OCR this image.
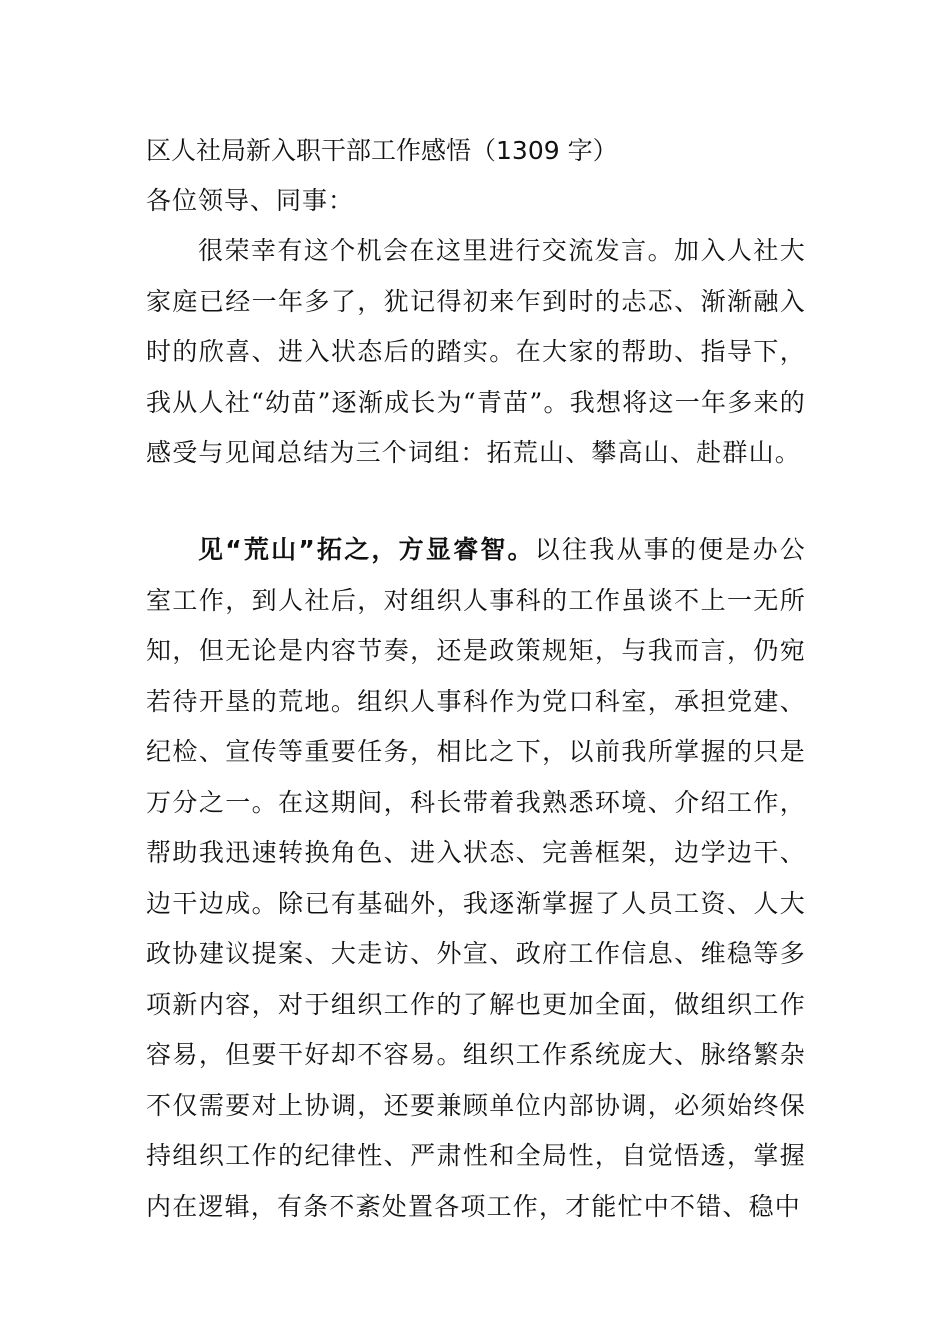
区人社局新入职干部工作感悟（1309 字）
各位领导、同事：

很荣幸有这个机会在这里进行交流发言。加入人社大家庭已经一年多了，犹记得初来乍到时的忐忑、渐渐融入时的欣喜、进入状态后的踏实。在大家的帮助、指导下，我从人社“幼苗”逐渐成长为“青苗”。我想将这一年多来的感受与见闻总结为三个词组：拓荒山、攀高山、赴群山。

见“荒山”拓之，方显睿智。以往我从事的便是办公室工作，到人社后，对组织人事科的工作虽谈不上一无所知，但无论是内容节奏，还是政策规矩，与我而言，仍宛若待开垦的荒地。组织人事科作为党口科室，承担党建、纪检、宣传等重要任务，相比之下，以前我所掌握的只是万分之一。在这期间，科长带着我熟悉环境、介绍工作，帮助我迅速转换角色、进入状态、完善框架，边学边干、边干边成。除已有基础外，我逐渐掌握了人员工资、人大政协建议提案、大走访、外宣、政府工作信息、维稳等多项新内容，对于组织工作的了解也更加全面，做组织工作容易，但要干好却不容易。组织工作系统庞大、脉络繁杂不仅需要对上协调，还要兼顾单位内部协调，必须始终保持组织工作的纪律性、严肃性和全局性，自觉悟透，掌握内在逻辑，有条不紊处置各项工作，才能忙中不错、稳中
